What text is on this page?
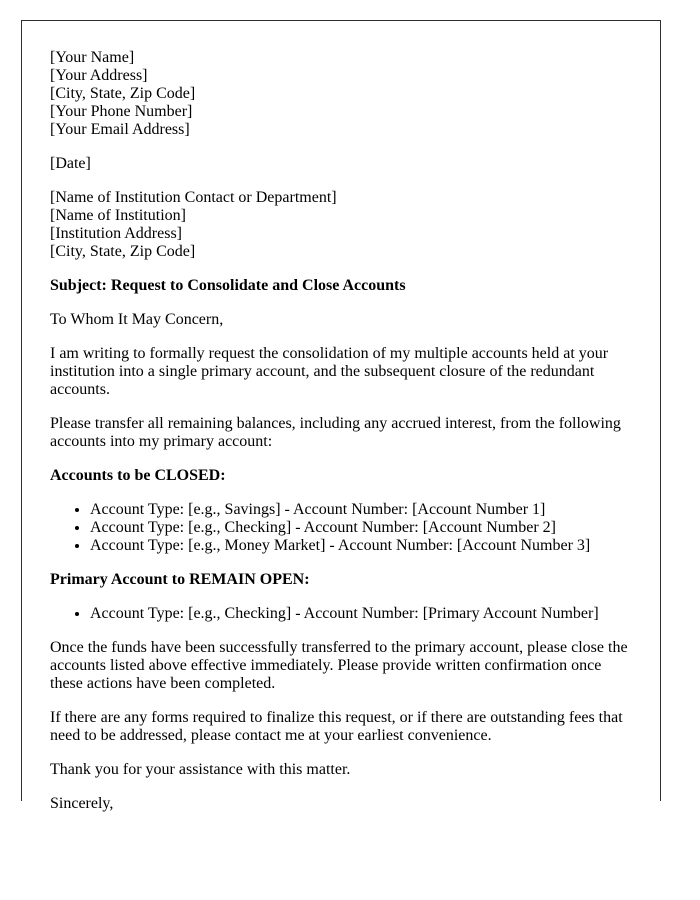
[Your Name]
[Your Address]
[City, State, Zip Code]
[Your Phone Number]
[Your Email Address]
[Date]
[Name of Institution Contact or Department]
[Name of Institution]
[Institution Address]
[City, State, Zip Code]
Subject: Request to Consolidate and Close Accounts
To Whom It May Concern,
I am writing to formally request the consolidation of my multiple accounts held at your institution into a single primary account, and the subsequent closure of the redundant accounts.
Please transfer all remaining balances, including any accrued interest, from the following accounts into my primary account:
Accounts to be CLOSED:
• Account Type: [e.g., Savings] - Account Number: [Account Number 1]
• Account Type: [e.g., Checking] - Account Number: [Account Number 2]
• Account Type: [e.g., Money Market] - Account Number: [Account Number 3]
Primary Account to REMAIN OPEN:
• Account Type: [e.g., Checking] - Account Number: [Primary Account Number]
Once the funds have been successfully transferred to the primary account, please close the accounts listed above effective immediately. Please provide written confirmation once these actions have been completed.
If there are any forms required to finalize this request, or if there are outstanding fees that need to be addressed, please contact me at your earliest convenience.
Thank you for your assistance with this matter.
Sincerely,
